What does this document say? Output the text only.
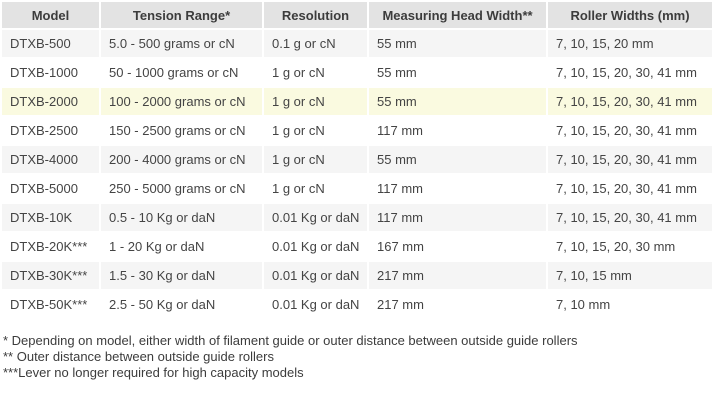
Model	Tension Range*	Resolution	Measuring Head Width**	Roller Widths (mm)
DTXB-500	5.0 - 500 grams or cN	0.1 g or cN	55 mm	7, 10, 15, 20 mm
DTXB-1000	50 - 1000 grams or cN	1 g or cN	55 mm	7, 10, 15, 20, 30, 41 mm
DTXB-2000	100 - 2000 grams or cN	1 g or cN	55 mm	7, 10, 15, 20, 30, 41 mm
DTXB-2500	150 - 2500 grams or cN	1 g or cN	117 mm	7, 10, 15, 20, 30, 41 mm
DTXB-4000	200 - 4000 grams or cN	1 g or cN	55 mm	7, 10, 15, 20, 30, 41 mm
DTXB-5000	250 - 5000 grams or cN	1 g or cN	117 mm	7, 10, 15, 20, 30, 41 mm
DTXB-10K	0.5 - 10 Kg or daN	0.01 Kg or daN	117 mm	7, 10, 15, 20, 30, 41 mm
DTXB-20K***	1 - 20 Kg or daN	0.01 Kg or daN	167 mm	7, 10, 15, 20, 30 mm
DTXB-30K***	1.5 - 30 Kg or daN	0.01 Kg or daN	217 mm	7, 10, 15 mm
DTXB-50K***	2.5 - 50 Kg or daN	0.01 Kg or daN	217 mm	7, 10 mm
* Depending on model, either width of filament guide or outer distance between outside guide rollers
** Outer distance between outside guide rollers
***Lever no longer required for high capacity models
